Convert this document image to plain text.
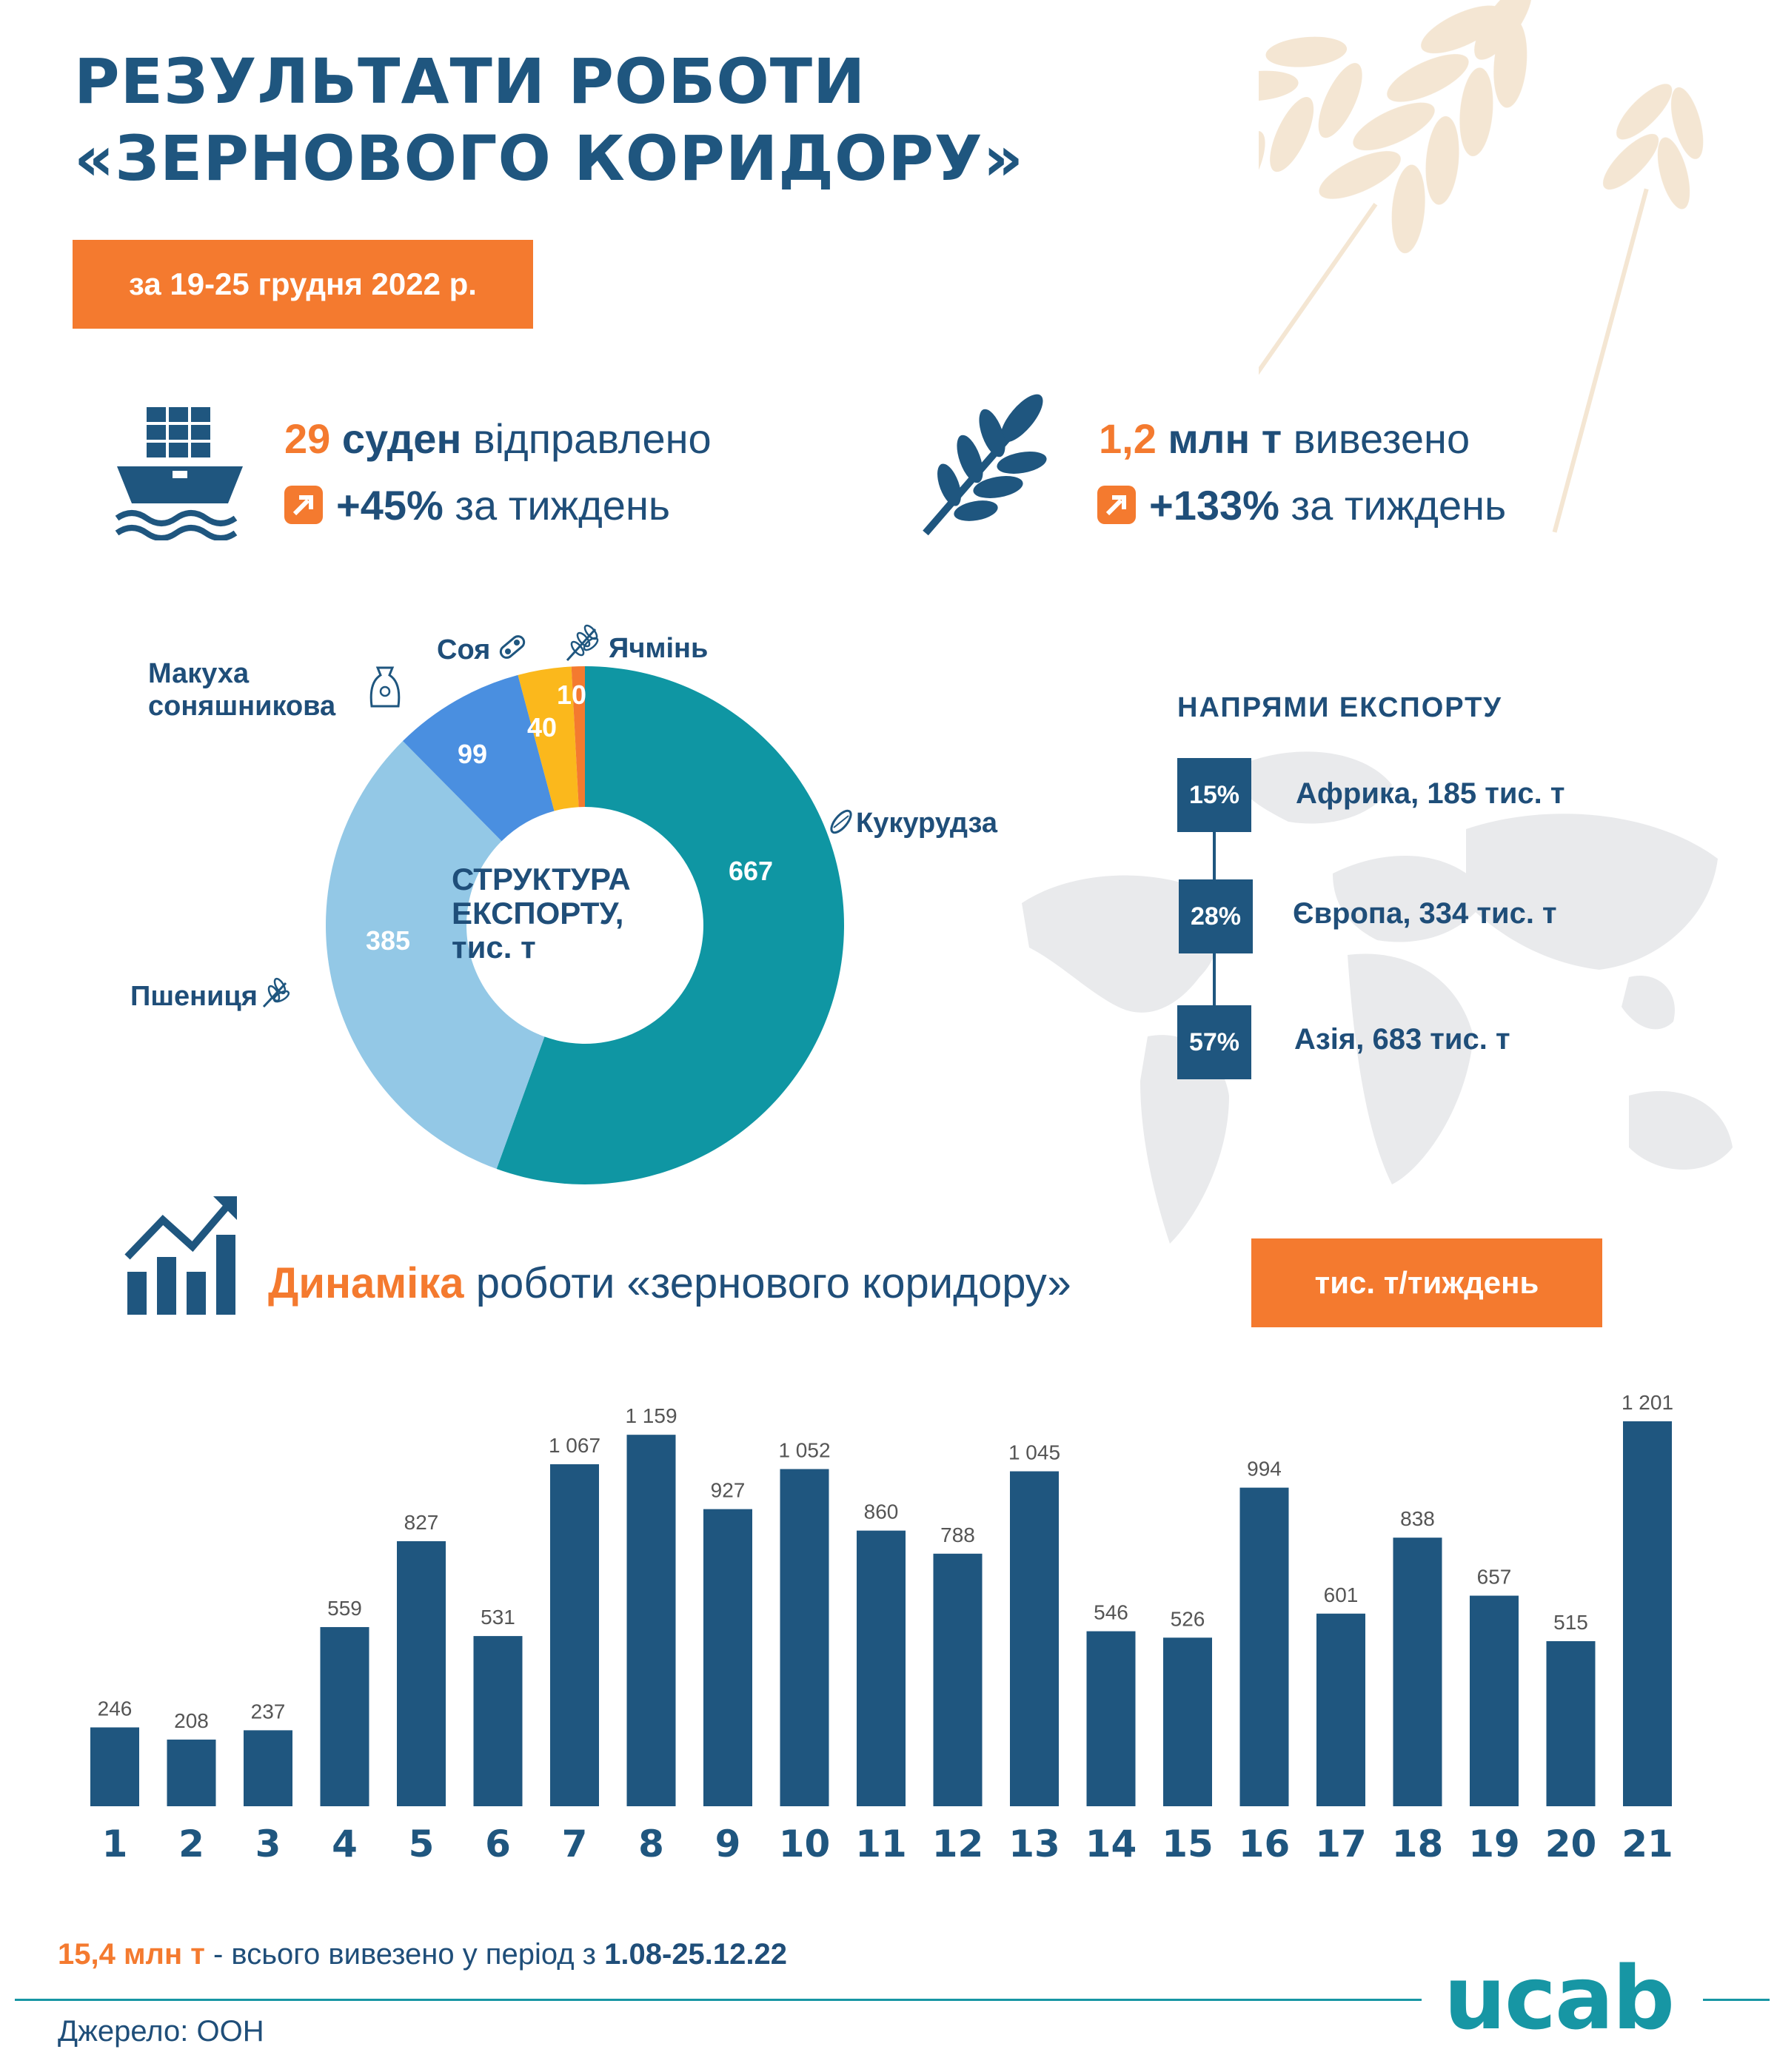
РЕЗУЛЬТАТИ РОБОТИ
«ЗЕРНОВОГО КОРИДОРУ»
за 19-25 грудня 2022 р.
29 суден відправлено
+45% за тиждень
1,2 млн т вивезено
+133% за тиждень
СТРУКТУРА
ЕКСПОРТУ,
тис. т
667
385
99
40
10
Кукурудза
Пшениця
Макуха
соняшникова
Соя	Ячмінь
НАПРЯМИ ЕКСПОРТУ
15%	Африка, 185 тис. т
28%	Європа, 334 тис. т
57%	Азія, 683 тис. т
Динаміка роботи «зернового коридору»	тис. т/тиждень
246
1
208
2
237
3
559
4
827
5
531
6
1 067
7
1 159
8
927
9
1 052
10
860
11
788
12
1 045
13
546
14
526
15
994
16
601
17
838
18
657
19
515
20
1 201
21
15,4 млн т - всього вивезено у період з 1.08-25.12.22
Джерело: ООН	ucab
